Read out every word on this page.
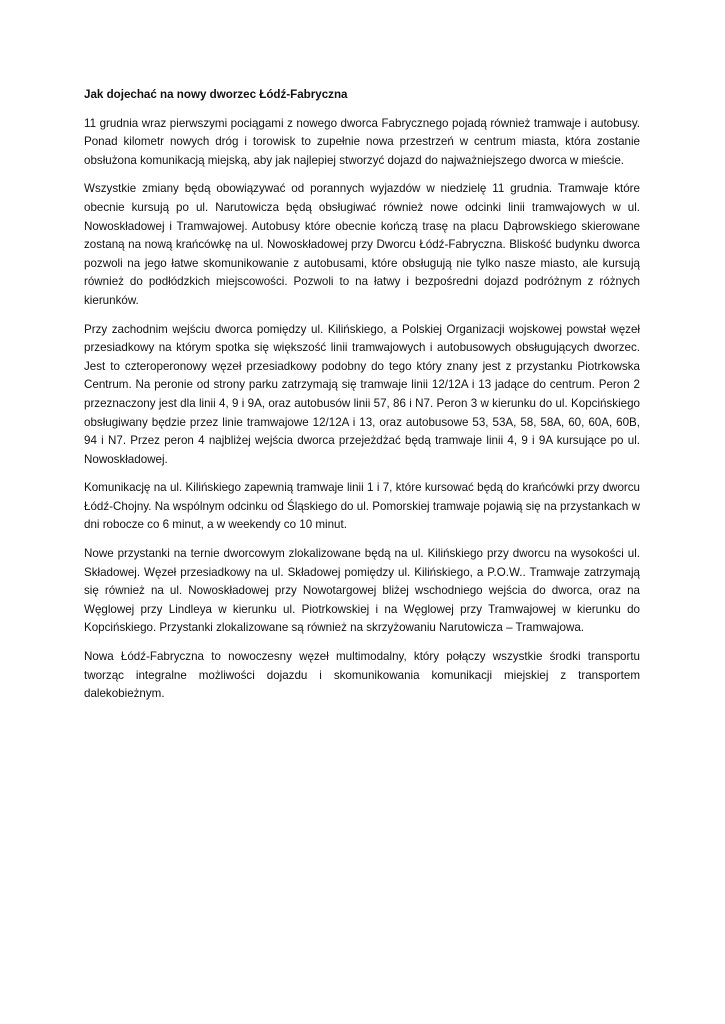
Jak dojechać na nowy dworzec Łódź-Fabryczna

11 grudnia wraz pierwszymi pociągami z nowego dworca Fabrycznego pojadą również tramwaje i autobusy. Ponad kilometr nowych dróg i torowisk to zupełnie nowa przestrzeń w centrum miasta, która zostanie obsłużona komunikacją miejską, aby jak najlepiej stworzyć dojazd do najważniejszego dworca w mieście.

Wszystkie zmiany będą obowiązywać od porannych wyjazdów w niedzielę 11 grudnia. Tramwaje które obecnie kursują po ul. Narutowicza będą obsługiwać również nowe odcinki linii tramwajowych w ul. Nowoskładowej i Tramwajowej. Autobusy które obecnie kończą trasę na placu Dąbrowskiego skierowane zostaną na nową krańcówkę na ul. Nowoskładowej przy Dworcu Łódź-Fabryczna. Bliskość budynku dworca pozwoli na jego łatwe skomunikowanie z autobusami, które obsługują nie tylko nasze miasto, ale kursują również do podłódzkich miejscowości. Pozwoli to na łatwy i bezpośredni dojazd podróżnym z różnych kierunków.

Przy zachodnim wejściu dworca pomiędzy ul. Kilińskiego, a Polskiej Organizacji wojskowej powstał węzeł przesiadkowy na którym spotka się większość linii tramwajowych i autobusowych obsługujących dworzec. Jest to czteroperonowy węzeł przesiadkowy podobny do tego który znany jest z przystanku Piotrkowska Centrum. Na peronie od strony parku zatrzymają się tramwaje linii 12/12A i 13 jadące do centrum. Peron 2 przeznaczony jest dla linii 4, 9 i 9A, oraz autobusów linii 57, 86 i N7. Peron 3 w kierunku do ul. Kopcińskiego obsługiwany będzie przez linie tramwajowe 12/12A i 13, oraz autobusowe 53, 53A, 58, 58A, 60, 60A, 60B, 94 i N7. Przez peron 4 najbliżej wejścia dworca przejeżdżać będą tramwaje linii 4, 9 i 9A kursujące po ul. Nowoskładowej.

Komunikację na ul. Kilińskiego zapewnią tramwaje linii 1 i 7, które kursować będą do krańcówki przy dworcu Łódź-Chojny. Na wspólnym odcinku od Śląskiego do ul. Pomorskiej tramwaje pojawią się na przystankach w dni robocze co 6 minut, a w weekendy co 10 minut.

Nowe przystanki na ternie dworcowym zlokalizowane będą na ul. Kilińskiego przy dworcu na wysokości ul. Składowej. Węzeł przesiadkowy na ul. Składowej pomiędzy ul. Kilińskiego, a P.O.W.. Tramwaje zatrzymają się również na ul. Nowoskładowej przy Nowotargowej bliżej wschodniego wejścia do dworca, oraz na Węglowej przy Lindleya w kierunku ul. Piotrkowskiej i na Węglowej przy Tramwajowej w kierunku do Kopcińskiego. Przystanki zlokalizowane są również na skrzyżowaniu Narutowicza – Tramwajowa.

Nowa Łódź-Fabryczna to nowoczesny węzeł multimodalny, który połączy wszystkie środki transportu tworząc integralne możliwości dojazdu i skomunikowania komunikacji miejskiej z transportem dalekobieżnym.
